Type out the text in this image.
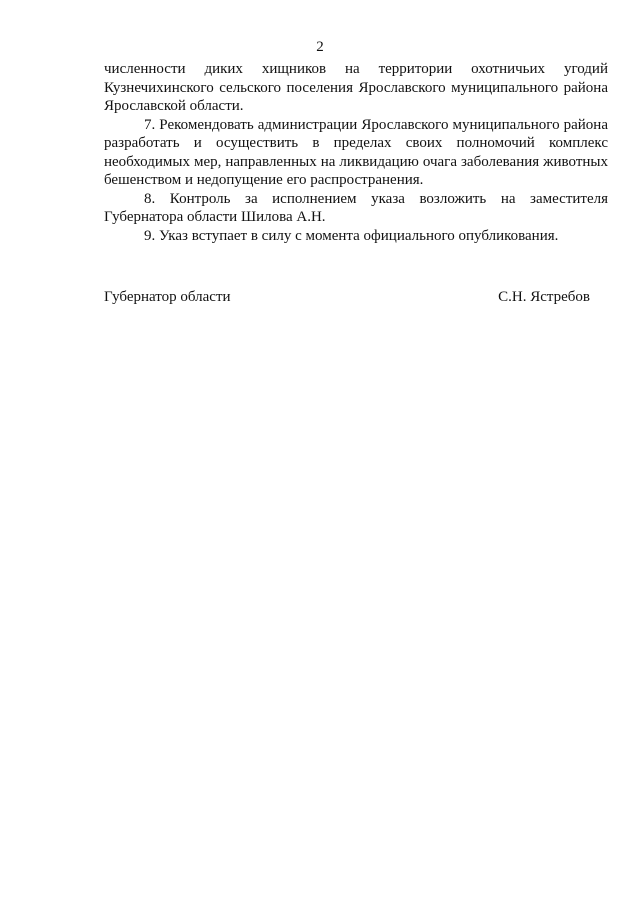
2

численности диких хищников на территории охотничьих угодий Кузнечихинского сельского поселения Ярославского муниципального района Ярославской области.

7. Рекомендовать администрации Ярославского муниципального района разработать и осуществить в пределах своих полномочий комплекс необходимых мер, направленных на ликвидацию очага заболевания животных бешенством и недопущение его распространения.

8. Контроль за исполнением указа возложить на заместителя Губернатора области Шилова А.Н.

9. Указ вступает в силу с момента официального опубликования.

Губернатор области	С.Н. Ястребов
